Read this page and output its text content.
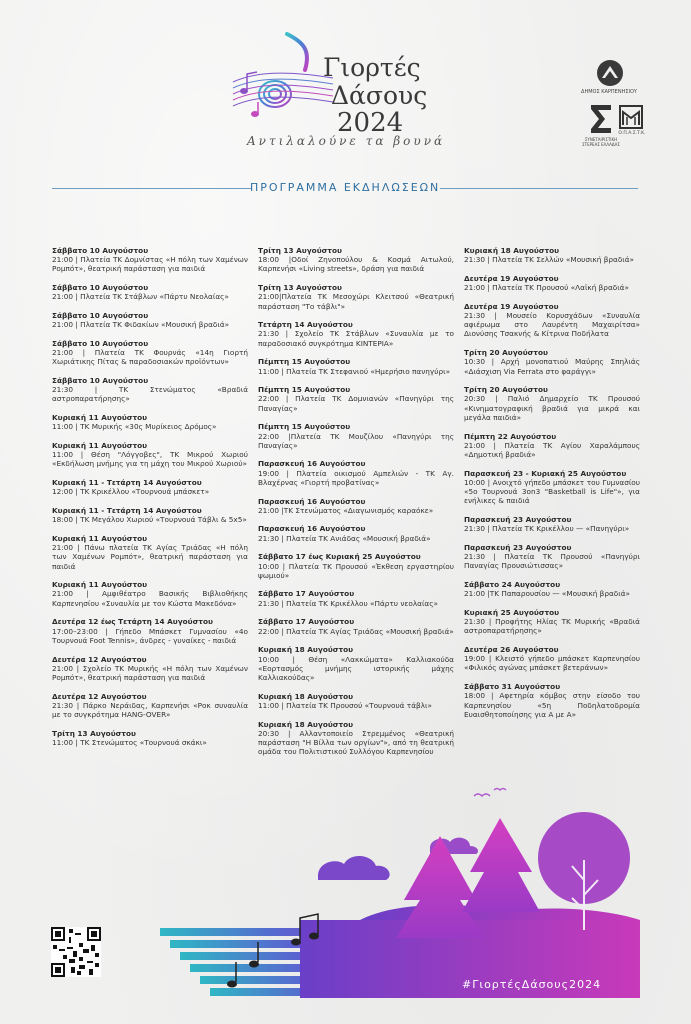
Γιορτές
Δάσους
2024
Αντιλαλούνε τα βουνά
ΔΗΜΟΣ ΚΑΡΠΕΝΗΣΙΟΥ
ΣΥΝΕΤΑΙΡΙΣΤΙΚΗ ΣΤΕΡΕΑΣ ΕΛΛΑΔΑΣ
Ο.Π.Α.Σ.Τ.Κ.
ΠΡΟΓΡΑΜΜΑ ΕΚΔΗΛΩΣΕΩΝ
Σάββατο 10 Αυγούστου
21:00 | Πλατεία ΤΚ Δομνίστας «Η πόλη των Χαμένων Ρομπότ», θεατρική παράσταση για παιδιά
Σάββατο 10 Αυγούστου
21:00 | Πλατεία ΤΚ Στάβλων «Πάρτυ Νεολαίας»
Σάββατο 10 Αυγούστου
21:00 | Πλατεία ΤΚ Φιδακίων «Μουσική βραδιά»
Σάββατο 10 Αυγούστου
21:00 | Πλατεία ΤΚ Φουρνάς «14η Γιορτή Χωριάτικης Πίτας & παραδοσιακών προϊόντων»
Σάββατο 10 Αυγούστου
21:30 | ΤΚ Στενώματος «Βραδιά αστροπαρατήρησης»
Κυριακή 11 Αυγούστου
11:00 | ΤΚ Μυρικής «30ς Μυρίκειος Δρόμος»
Κυριακή 11 Αυγούστου
11:00 | Θέση "Λόγγοβες", ΤΚ Μικρού Χωριού «Εκδήλωση μνήμης για τη μάχη του Μικρού Χωριού»
Κυριακή 11 - Τετάρτη 14 Αυγούστου
12:00 | ΤΚ Κρικέλλου «Τουρνουά μπάσκετ»
Κυριακή 11 - Τετάρτη 14 Αυγούστου
18:00 | ΤΚ Μεγάλου Χωριού «Τουρνουά Τάβλι & 5x5»
Κυριακή 11 Αυγούστου
21:00 | Πάνω πλατεία ΤΚ Αγίας Τριάδας «Η πόλη των Χαμένων Ρομπότ», θεατρική παράσταση για παιδιά
Κυριακή 11 Αυγούστου
21:00 | Αμφιθέατρο Βασικής Βιβλιοθήκης Καρπενησίου «Συναυλία με τον Κώστα Μακεδόνα»
Δευτέρα 12 έως Τετάρτη 14 Αυγούστου
17:00–23:00 | Γήπεδο Μπάσκετ Γυμνασίου «4ο Τουρνουά Foot Tennis», άνδρες - γυναίκες - παιδιά
Δευτέρα 12 Αυγούστου
21:00 | Σχολείο ΤΚ Μυρικής «Η πόλη των Χαμένων Ρομπότ», θεατρική παράσταση για παιδιά
Δευτέρα 12 Αυγούστου
21:30 | Πάρκο Νεράιδας, Καρπενήσι «Ροκ συναυλία με το συγκρότημα HANG-OVER»
Τρίτη 13 Αυγούστου
11:00 | ΤΚ Στενώματος «Τουρνουά σκάκι»
Τρίτη 13 Αυγούστου
18:00 |Οδοί Ζηνοπούλου & Κοσμά Αιτωλού, Καρπενήσι «Living streets», δράση για παιδιά
Τρίτη 13 Αυγούστου
21:00|Πλατεία ΤΚ Μεσοχώρι Κλειτσού «Θεατρική παράσταση "Το τάβλι"»
Τετάρτη 14 Αυγούστου
21:30 | Σχολείο ΤΚ Στάβλων «Συναυλία με το παραδοσιακό συγκρότημα ΚΙΝΤΕΡΙΑ»
Πέμπτη 15 Αυγούστου
11:00 | Πλατεία ΤΚ Στεφανιού «Ημερήσιο πανηγύρι»
Πέμπτη 15 Αυγούστου
22:00 | Πλατεία ΤΚ Δομνιανών «Πανηγύρι της Παναγίας»
Πέμπτη 15 Αυγούστου
22:00 |Πλατεία ΤΚ Μουζίλου «Πανηγύρι της Παναγίας»
Παρασκευή 16 Αυγούστου
19:00 | Πλατεία οικισμού Αμπελιών - ΤΚ Αγ. Βλαχέρνας «Γιορτή προβατίνας»
Παρασκευή 16 Αυγούστου
21:00 |ΤΚ Στενώματος «Διαγωνισμός καραόκε»
Παρασκευή 16 Αυγούστου
21:30 | Πλατεία ΤΚ Ανιάδας «Μουσική βραδιά»
Σάββατο 17 έως Κυριακή 25 Αυγούστου
10:00 | Πλατεία ΤΚ Προυσού «Έκθεση εργαστηρίου ψωμιού»
Σάββατο 17 Αυγούστου
21:30 | Πλατεία ΤΚ Κρικέλλου «Πάρτυ νεολαίας»
Σάββατο 17 Αυγούστου
22:00 | Πλατεία ΤΚ Αγίας Τριάδας «Μουσική βραδιά»
Κυριακή 18 Αυγούστου
10:00 | Θέση «Λακκώματα» Καλλιακούδα «Εορτασμός μνήμης ιστορικής μάχης Καλλιακούδας»
Κυριακή 18 Αυγούστου
11:00 | Πλατεία ΤΚ Προυσού «Τουρνουά τάβλι»
Κυριακή 18 Αυγούστου
20:30 | Αλλαντοποιείο Στρεμμένος «Θεατρική παράσταση "Η Βίλλα των οργίων"», από τη θεατρική ομάδα του Πολιτιστικού Συλλόγου Καρπενησίου
Κυριακή 18 Αυγούστου
21:30 | Πλατεία ΤΚ Σελλών «Μουσική βραδιά»
Δευτέρα 19 Αυγούστου
21:00 | Πλατεία ΤΚ Προυσού «Λαϊκή βραδιά»
Δευτέρα 19 Αυγούστου
21:30 | Μουσείο Κορυσχάδων «Συναυλία αφιέρωμα στο Λαυρέντη Μαχαιρίτσα» Διονύσης Τσακνής & Κίτρινα Ποδήλατα
Τρίτη 20 Αυγούστου
10:30 | Αρχή μονοπατιού Μαύρης Σπηλιάς «Διάσχιση Via Ferrata στο φαράγγι»
Τρίτη 20 Αυγούστου
20:30 | Παλιό Δημαρχείο ΤΚ Προυσού «Κινηματογραφική βραδιά για μικρά και μεγάλα παιδιά»
Πέμπτη 22 Αυγούστου
21:00 | Πλατεία ΤΚ Αγίου Χαραλάμπους «Δημοτική βραδιά»
Παρασκευή 23 - Κυριακή 25 Αυγούστου
10:00 | Ανοιχτό γήπεδο μπάσκετ του Γυμνασίου «5ο Τουρνουά 3on3 "Basketball is Life"», για ενήλικες & παιδιά
Παρασκευή 23 Αυγούστου
21:30 | Πλατεία ΤΚ Κρικέλλου — «Πανηγύρι»
Παρασκευή 23 Αυγούστου
21:30 | Πλατεία ΤΚ Προυσού «Πανηγύρι Παναγίας Προυσιώτισσας»
Σάββατο 24 Αυγούστου
21:00 |ΤΚ Παπαρουσίου — «Μουσική βραδιά»
Κυριακή 25 Αυγούστου
21:30 | Προφήτης Ηλίας ΤΚ Μυρικής «Βραδιά αστροπαρατήρησης»
Δευτέρα 26 Αυγούστου
19:00 | Κλειστό γήπεδο μπάσκετ Καρπενησίου «Φιλικός αγώνας μπάσκετ βετεράνων»
Σάββατο 31 Αυγούστου
18:00 | Αφετηρία κόμβος στην είσοδο του Καρπενησίου «5η Ποδηλατοδρομία Ευαισθητοποίησης για Α με Α»
#ΓιορτέςΔάσους2024
